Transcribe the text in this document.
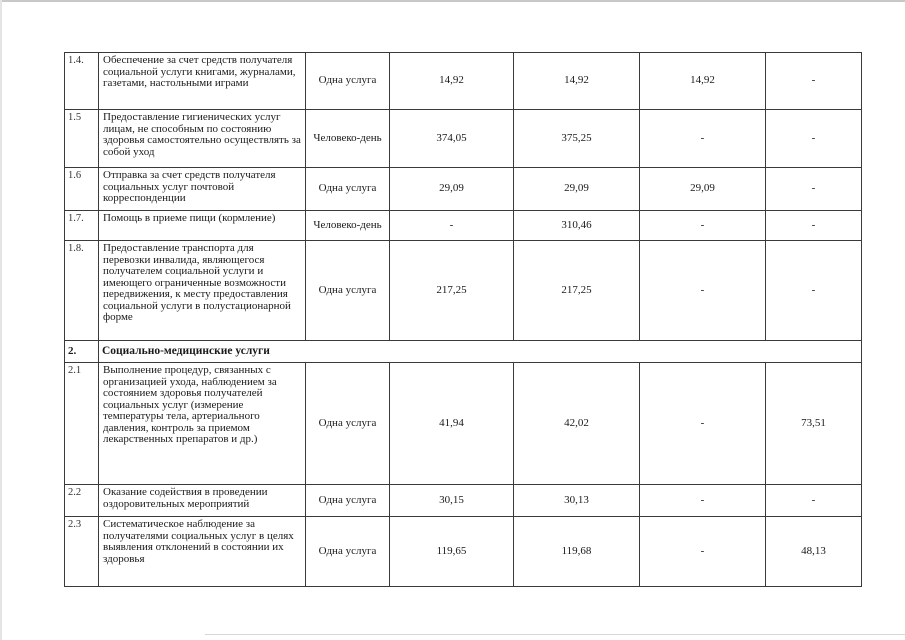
1.4.	Обеспечение за счет средств получателя социальной услуги книгами, журналами, газетами, настольными играми	Одна услуга	14,92	14,92	14,92	-
1.5	Предоставление гигиенических услуг лицам, не способным по состоянию здоровья самостоятельно осуществлять за собой уход	Человеко-день	374,05	375,25	-	-
1.6	Отправка за счет средств получателя социальных услуг почтовой корреспонденции	Одна услуга	29,09	29,09	29,09	-
1.7.	Помощь в приеме пищи (кормление)	Человеко-день	-	310,46	-	-
1.8.	Предоставление транспорта для перевозки инвалида, являющегося получателем социальной услуги и имеющего ограниченные возможности передвижения, к месту предоставления социальной услуги в полустационарной форме	Одна услуга	217,25	217,25	-	-
2.	Социально-медицинские услуги					
2.1	Выполнение процедур, связанных с организацией ухода, наблюдением за состоянием здоровья получателей социальных услуг (измерение температуры тела, артериального давления, контроль за приемом лекарственных препаратов и др.)	Одна услуга	41,94	42,02	-	73,51
2.2	Оказание содействия в проведении оздоровительных мероприятий	Одна услуга	30,15	30,13	-	-
2.3	Систематическое наблюдение за получателями социальных услуг в целях выявления отклонений в состоянии их здоровья	Одна услуга	119,65	119,68	-	48,13
